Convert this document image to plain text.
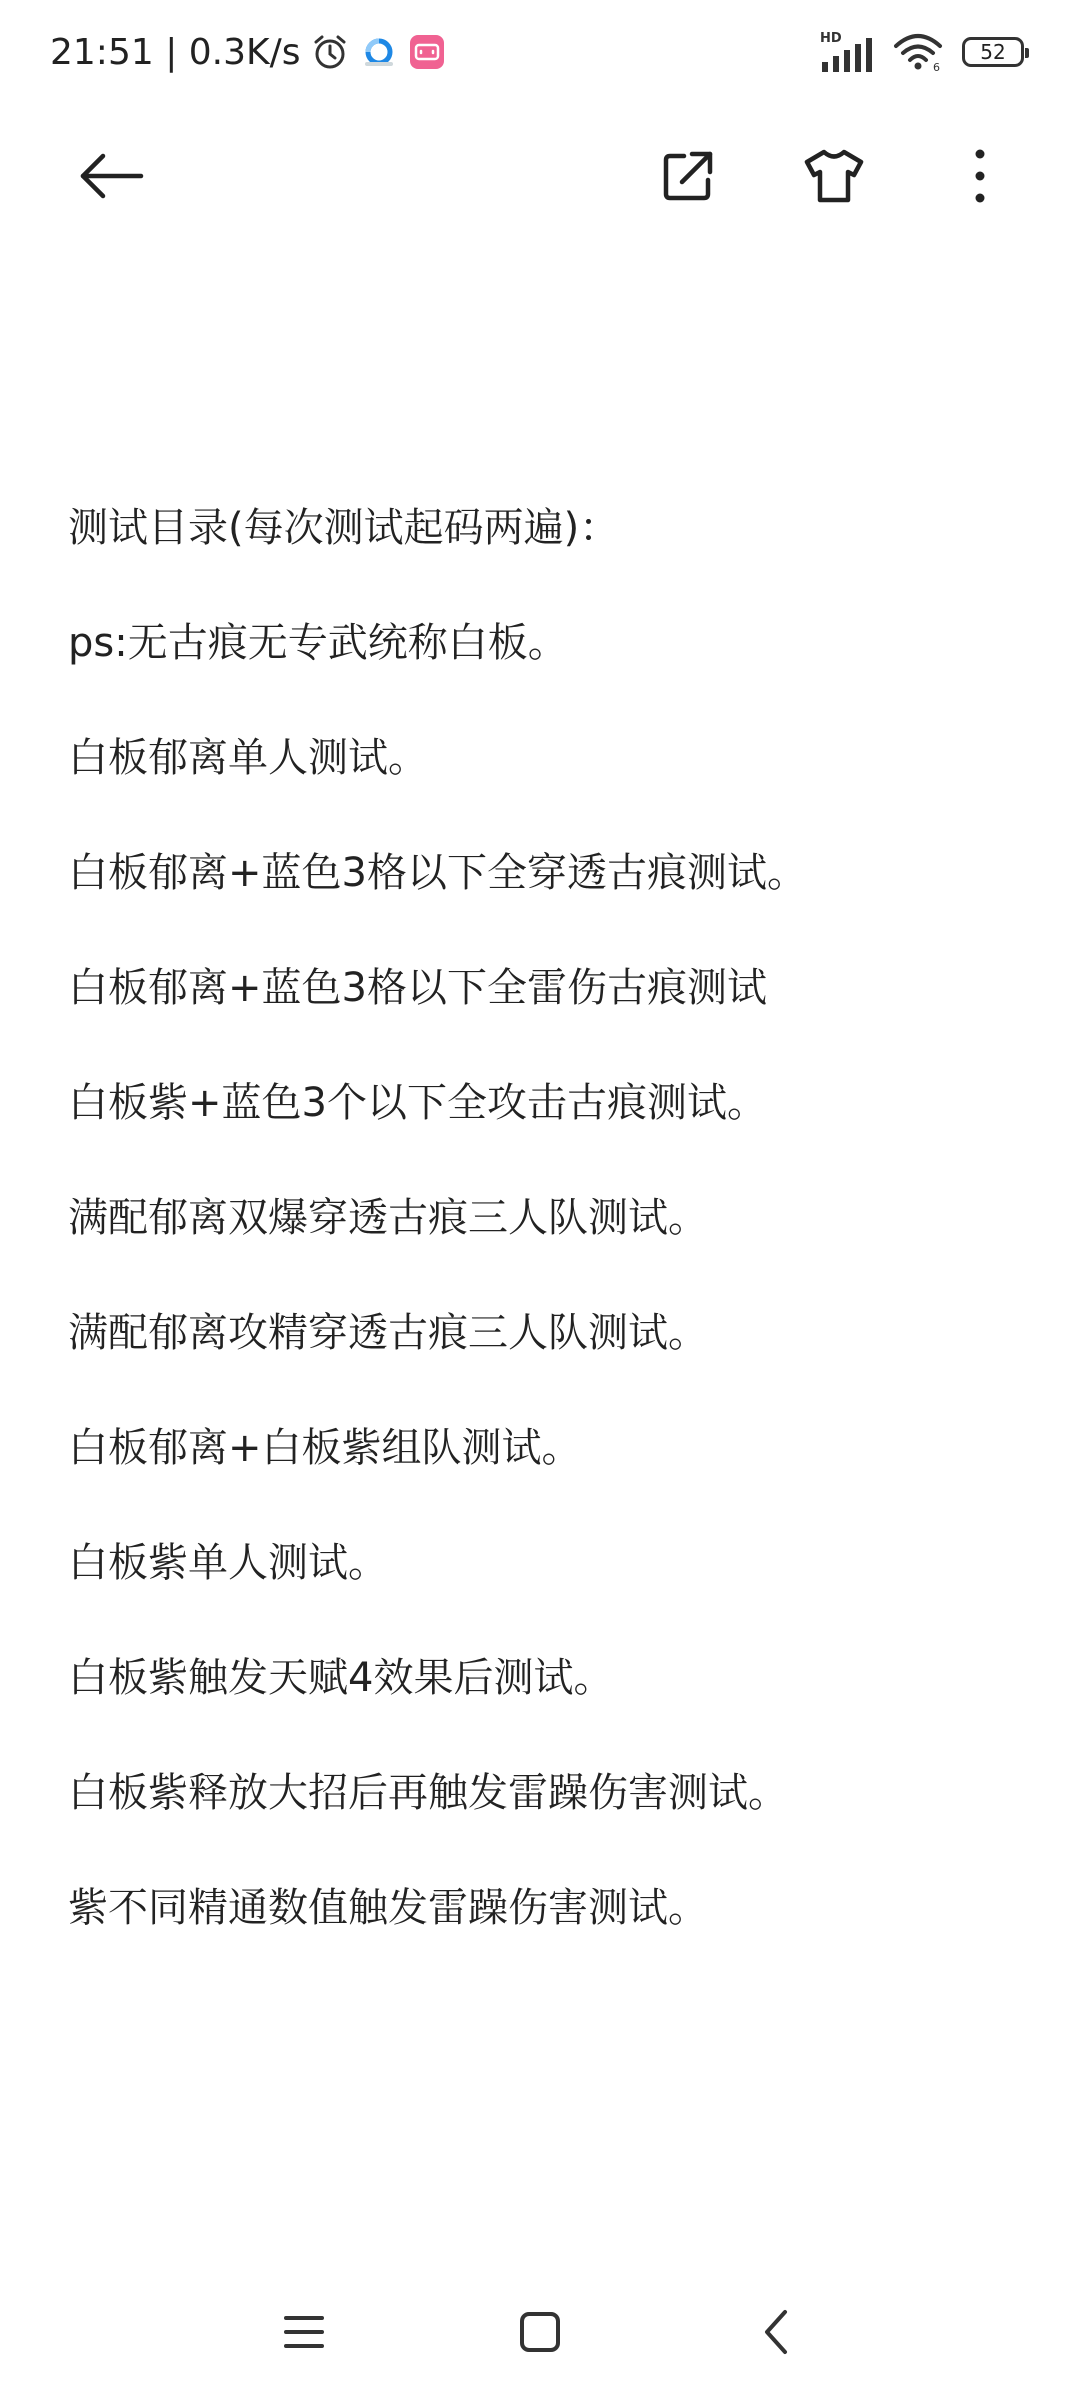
21:51 | 0.3K/s	HD
6
52
测试目录(每次测试起码两遍)：
ps:无古痕无专武统称白板。
白板郁离单人测试。
白板郁离+蓝色3格以下全穿透古痕测试。
白板郁离+蓝色3格以下全雷伤古痕测试
白板紫+蓝色3个以下全攻击古痕测试。
满配郁离双爆穿透古痕三人队测试。
满配郁离攻精穿透古痕三人队测试。
白板郁离+白板紫组队测试。
白板紫单人测试。
白板紫触发天赋4效果后测试。
白板紫释放大招后再触发雷躁伤害测试。
紫不同精通数值触发雷躁伤害测试。
